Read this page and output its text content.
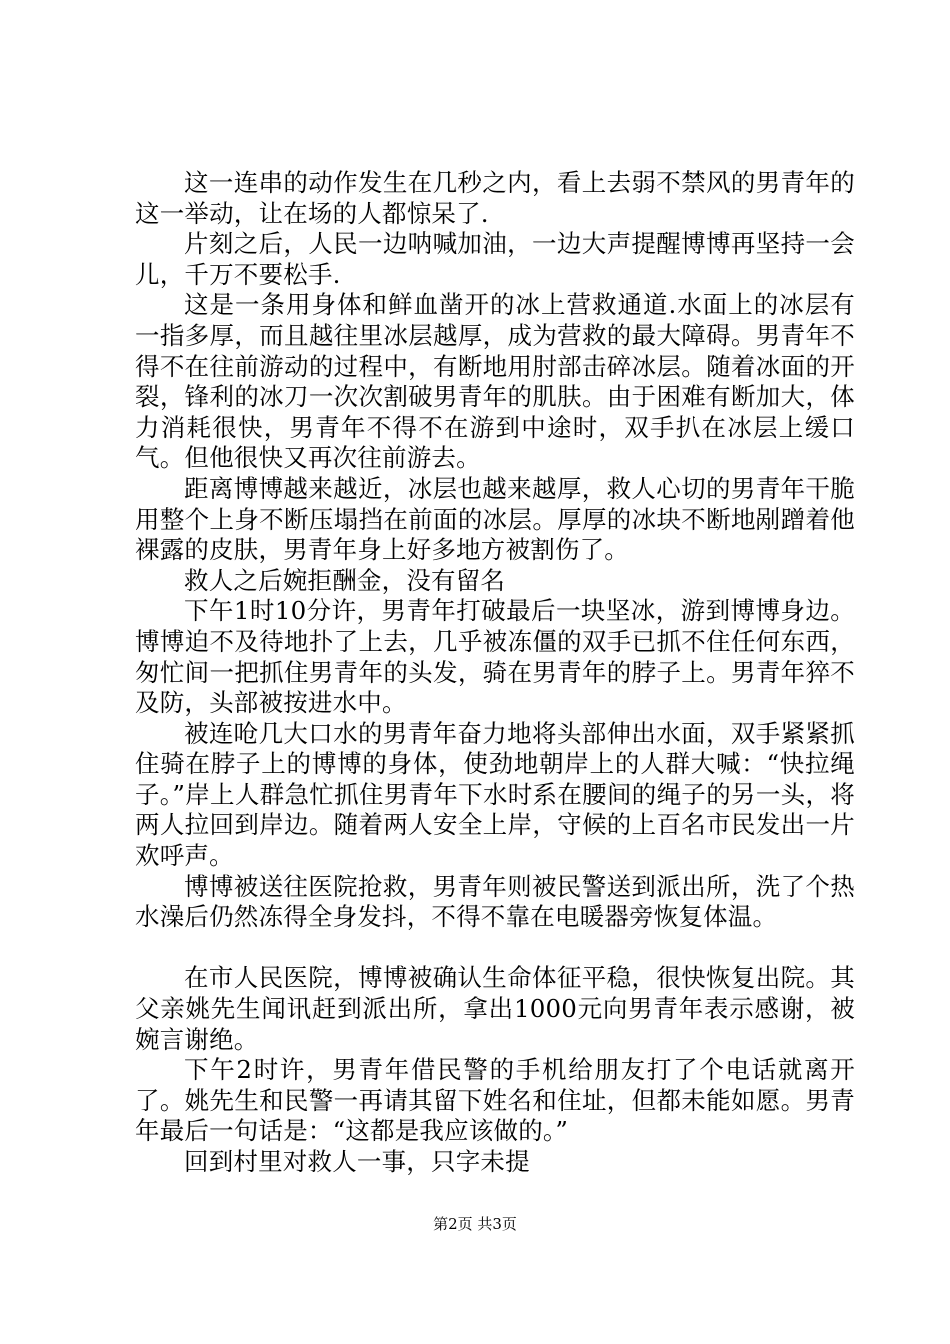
这一连串的动作发生在几秒之内，看上去弱不禁风的男青年的这一举动，让在场的人都惊呆了.

片刻之后，人民一边呐喊加油，一边大声提醒博博再坚持一会儿，千万不要松手.

这是一条用身体和鲜血凿开的冰上营救通道.水面上的冰层有一指多厚，而且越往里冰层越厚，成为营救的最大障碍。男青年不得不在往前游动的过程中，有断地用肘部击碎冰层。随着冰面的开裂，锋利的冰刀一次次割破男青年的肌肤。由于困难有断加大，体力消耗很快，男青年不得不在游到中途时，双手扒在冰层上缓口气。但他很快又再次往前游去。

距离博博越来越近，冰层也越来越厚，救人心切的男青年干脆用整个上身不断压塌挡在前面的冰层。厚厚的冰块不断地剐蹭着他裸露的皮肤，男青年身上好多地方被割伤了。

救人之后婉拒酬金，没有留名

下午1时10分许，男青年打破最后一块坚冰，游到博博身边。博博迫不及待地扑了上去，几乎被冻僵的双手已抓不住任何东西，匆忙间一把抓住男青年的头发，骑在男青年的脖子上。男青年猝不及防，头部被按进水中。

被连呛几大口水的男青年奋力地将头部伸出水面，双手紧紧抓住骑在脖子上的博博的身体，使劲地朝岸上的人群大喊：“快拉绳子。”岸上人群急忙抓住男青年下水时系在腰间的绳子的另一头，将两人拉回到岸边。随着两人安全上岸，守候的上百名市民发出一片欢呼声。

博博被送往医院抢救，男青年则被民警送到派出所，洗了个热水澡后仍然冻得全身发抖，不得不靠在电暖器旁恢复体温。

在市人民医院，博博被确认生命体征平稳，很快恢复出院。其父亲姚先生闻讯赶到派出所，拿出1000元向男青年表示感谢，被婉言谢绝。

下午2时许，男青年借民警的手机给朋友打了个电话就离开了。姚先生和民警一再请其留下姓名和住址，但都未能如愿。男青年最后一句话是：“这都是我应该做的。”

回到村里对救人一事，只字未提

第2页 共3页
